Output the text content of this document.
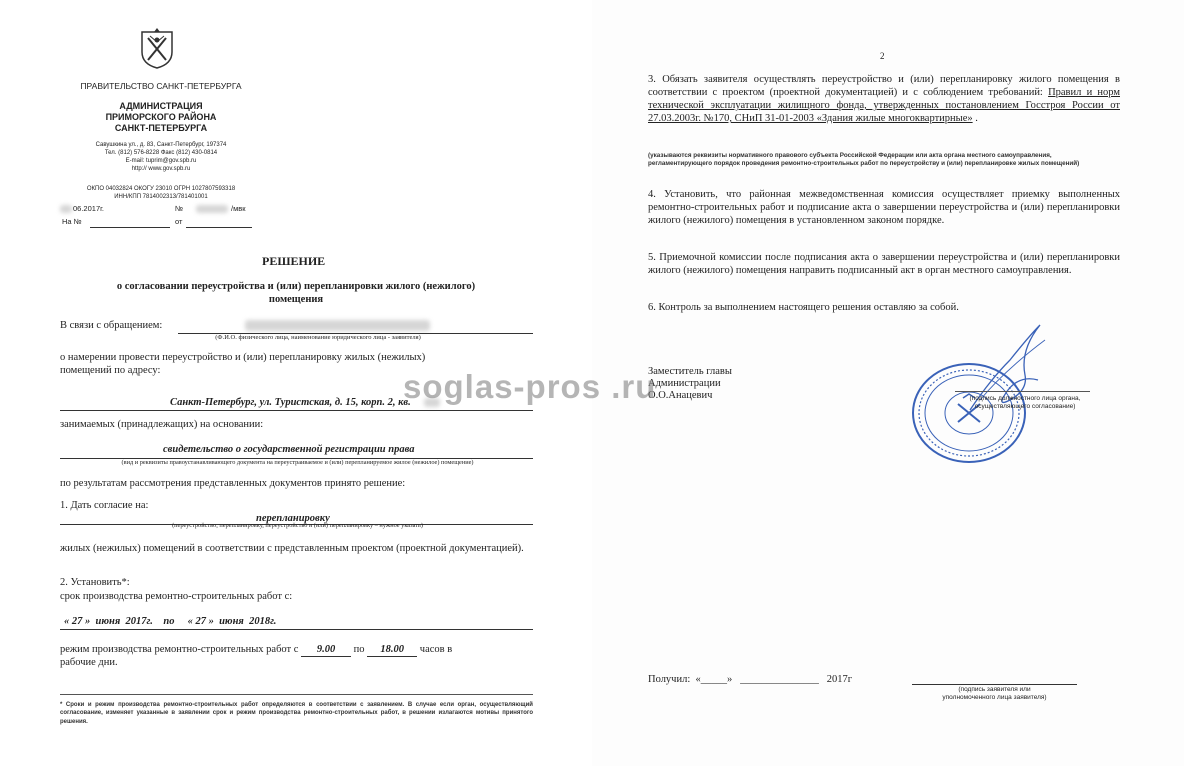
ПРАВИТЕЛЬСТВО САНКТ-ПЕТЕРБУРГА
АДМИНИСТРАЦИЯ
ПРИМОРСКОГО РАЙОНА
САНКТ-ПЕТЕРБУРГА
Савушкина ул., д. 83, Санкт-Петербург, 197374
Тел. (812) 576-8228 Факс (812) 430-0814
E-mail: tuprim@gov.spb.ru
http:// www.gov.spb.ru
ОКПО 04032824 ОКОГУ 23010 ОГРН 1027807593318
ИНН/КПП 7814002313/781401001
06.2017г.	№	/мвк
На №	от
РЕШЕНИЕ
о согласовании переустройства и (или) перепланировки жилого (нежилого)
помещения
В связи с обращением:
(Ф.И.О. физического лица, наименование юридического лица - заявителя)
о намерении провести переустройство и (или) перепланировку жилых (нежилых)
помещений по адресу:
Санкт-Петербург, ул. Туристская, д. 15, корп. 2, кв.
занимаемых (принадлежащих) на основании:
свидетельство о государственной регистрации права
(вид и реквизиты правоустанавливающего документа на переустраиваемое и (или) перепланируемое жилое (нежилое) помещение)
по результатам рассмотрения представленных документов принято решение:
1. Дать согласие на:
перепланировку
(переустройство, перепланировку, переустройство и (или) перепланировку – нужное указать)
жилых (нежилых) помещений в соответствии с представленным проектом (проектной документацией).
2. Установить*:
срок производства ремонтно-строительных работ с:
« 27 »  июня  2017г.    по     « 27 »  июня  2018г.
режим производства ремонтно-строительных работ с 9.00 по 18.00 часов в
рабочие дни.
* Сроки и режим производства ремонтно-строительных работ определяются в соответствии с заявлением. В случае если орган, осуществляющий согласование, изменяет указанные в заявлении срок и режим производства ремонтно-строительных работ, в решении излагаются мотивы принятого решения.
2
3. Обязать заявителя осуществлять переустройство и (или) перепланировку жилого помещения в соответствии с проектом (проектной документацией) и с соблюдением требований: Правил и норм технической эксплуатации жилищного фонда, утвержденных постановлением Госстроя России от 27.03.2003г. №170, СНиП 31-01-2003 «Здания жилые многоквартирные» .
(указываются реквизиты нормативного правового субъекта Российской Федерации или акта органа местного самоуправления, регламентирующего порядок проведения ремонтно-строительных работ по переустройству и (или) перепланировке жилых помещений)
4. Установить, что районная межведомственная комиссия осуществляет приемку выполненных ремонтно-строительных работ и подписание акта о завершении переустройства и (или) перепланировки жилого (нежилого) помещения в установленном законом порядке.
5. Приемочной комиссии после подписания акта о завершении переустройства и (или) перепланировки жилого (нежилого) помещения направить подписанный акт в орган местного самоуправления.
6. Контроль за выполнением настоящего решения оставляю за собой.
Заместитель главы
Администрации
О.О.Анацевич	(подпись должностного лица органа,
осуществляющего согласование)
Получил:  «_____»   _______________   2017г
(подпись заявителя или
уполномоченного лица заявителя)
soglas-pros .ru
